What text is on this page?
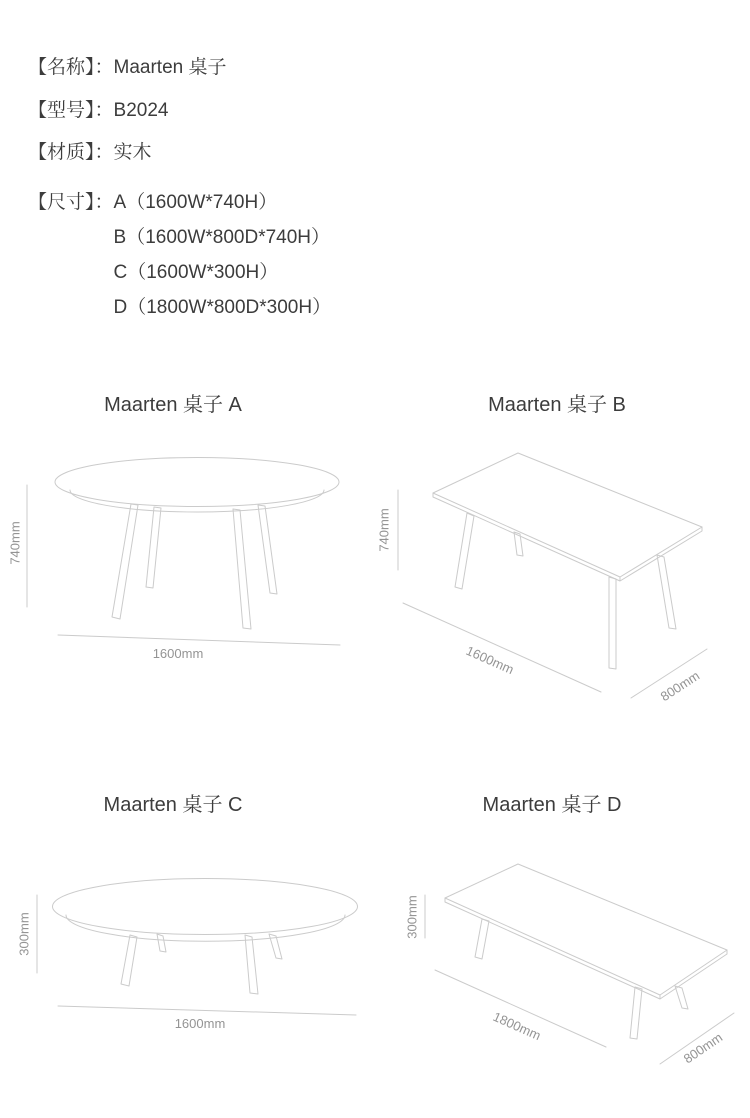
【名称】： Maarten 桌子
【型号】： B2024
【材质】： 实木
【尺寸】： A（1600W*740H）
B（1600W*800D*740H）
C（1600W*300H）
D（1800W*800D*300H）
Maarten 桌子 A	Maarten 桌子 B
Maarten 桌子 C	Maarten 桌子 D
740mm
1600mm
740mm
1600mm
800mm
300mm
1600mm
300mm
1800mm
800mm
